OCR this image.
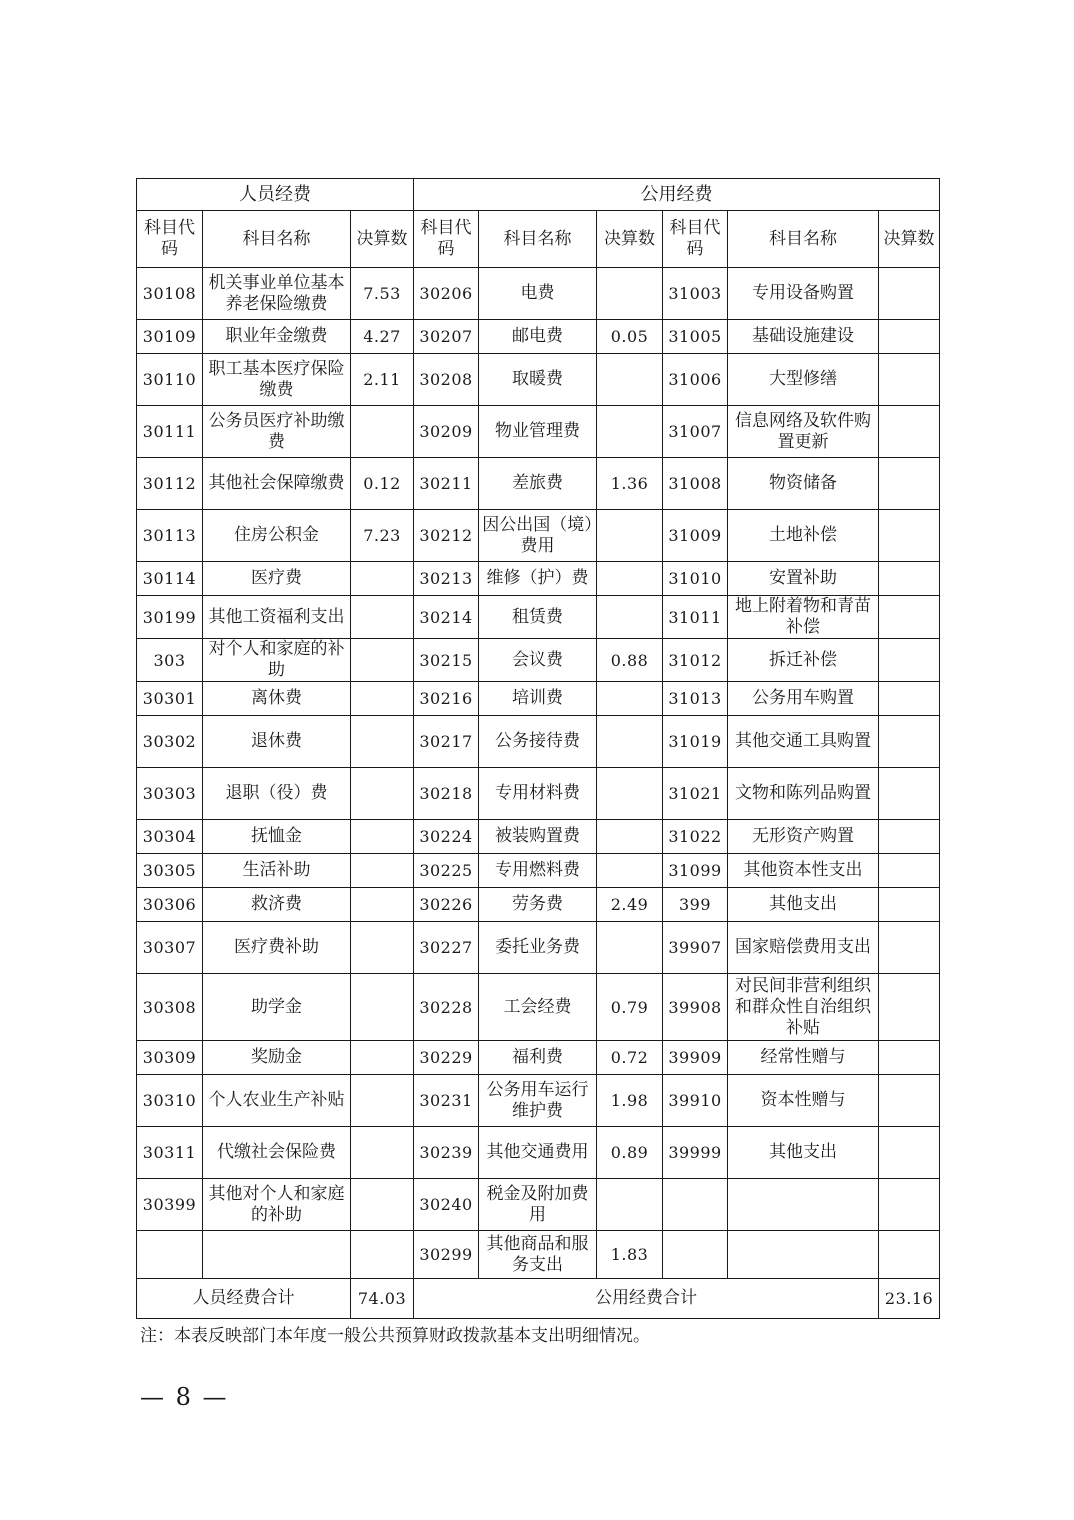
人员经费			公用经费					
科目代码	科目名称	决算数	科目代码	科目名称	决算数	科目代码	科目名称	决算数
30108	机关事业单位基本养老保险缴费	7.53	30206	电费		31003	专用设备购置	
30109	职业年金缴费	4.27	30207	邮电费	0.05	31005	基础设施建设	
30110	职工基本医疗保险缴费	2.11	30208	取暖费		31006	大型修缮	
30111	公务员医疗补助缴费		30209	物业管理费		31007	信息网络及软件购置更新	
30112	其他社会保障缴费	0.12	30211	差旅费	1.36	31008	物资储备	
30113	住房公积金	7.23	30212	因公出国（境）费用		31009	土地补偿	
30114	医疗费		30213	维修（护）费		31010	安置补助	
30199	其他工资福利支出		30214	租赁费		31011	地上附着物和青苗补偿	
303	对个人和家庭的补助		30215	会议费	0.88	31012	拆迁补偿	
30301	离休费		30216	培训费		31013	公务用车购置	
30302	退休费		30217	公务接待费		31019	其他交通工具购置	
30303	退职（役）费		30218	专用材料费		31021	文物和陈列品购置	
30304	抚恤金		30224	被装购置费		31022	无形资产购置	
30305	生活补助		30225	专用燃料费		31099	其他资本性支出	
30306	救济费		30226	劳务费	2.49	399	其他支出	
30307	医疗费补助		30227	委托业务费		39907	国家赔偿费用支出	
30308	助学金		30228	工会经费	0.79	39908	对民间非营利组织和群众性自治组织补贴	
30309	奖励金		30229	福利费	0.72	39909	经常性赠与	
30310	个人农业生产补贴		30231	公务用车运行维护费	1.98	39910	资本性赠与	
30311	代缴社会保险费		30239	其他交通费用	0.89	39999	其他支出	
30399	其他对个人和家庭的补助		30240	税金及附加费用				
			30299	其他商品和服务支出	1.83			
人员经费合计		74.03	公用经费合计					23.16
注：本表反映部门本年度一般公共预算财政拨款基本支出明细情况。
— 8 —
